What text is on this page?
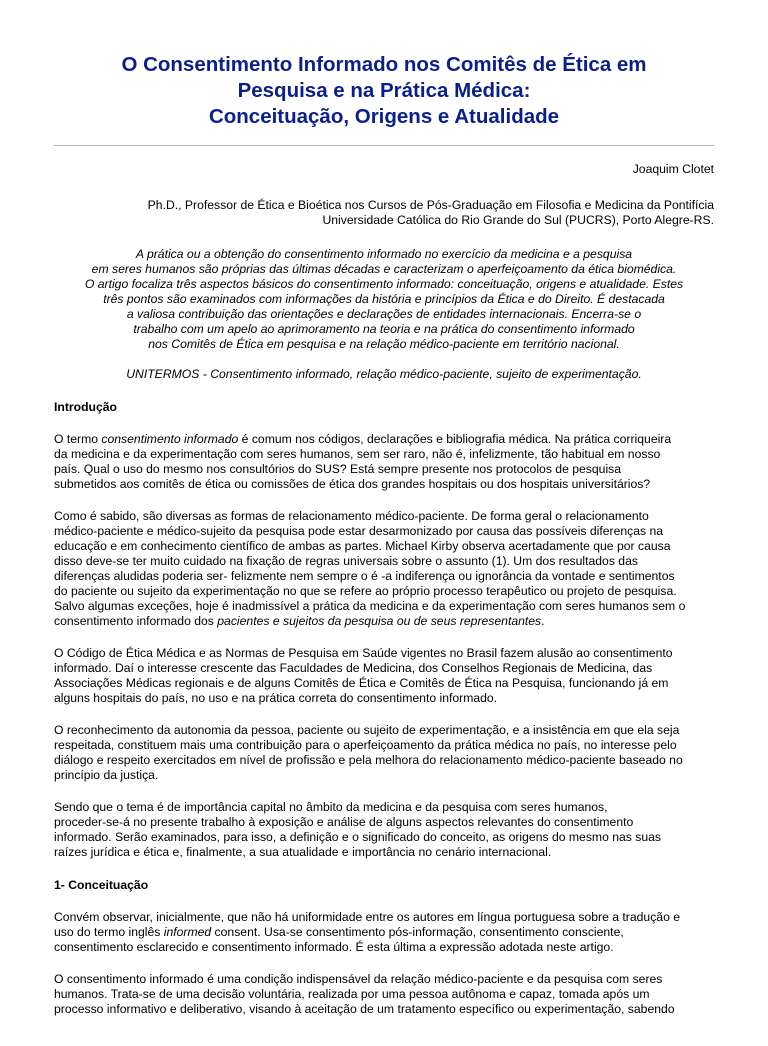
O Consentimento Informado nos Comitês de Ética em
Pesquisa e na Prática Médica:
Conceituação, Origens e Atualidade
Joaquim Clotet
Ph.D., Professor de Ética e Bioética nos Cursos de Pós-Graduação em Filosofia e Medicina da Pontifícia
Universidade Católica do Rio Grande do Sul (PUCRS), Porto Alegre-RS.
A prática ou a obtenção do consentimento informado no exercício da medicina e a pesquisa
em seres humanos são próprias das últimas décadas e caracterizam o aperfeiçoamento da ética biomédica.
O artigo focaliza três aspectos básicos do consentimento informado: conceituação, origens e atualidade. Estes
três pontos são examinados com informações da história e princípios da Ética e do Direito. É destacada
a valiosa contribuição das orientações e declarações de entidades internacionais. Encerra-se o
trabalho com um apelo ao aprimoramento na teoria e na prática do consentimento informado
nos Comitês de Ética em pesquisa e na relação médico-paciente em território nacional.
UNITERMOS - Consentimento informado, relação médico-paciente, sujeito de experimentação.
Introdução
O termo consentimento informado é comum nos códigos, declarações e bibliografia médica. Na prática corriqueira
da medicina e da experimentação com seres humanos, sem ser raro, não é, infelizmente, tão habitual em nosso
país. Qual o uso do mesmo nos consultórios do SUS? Está sempre presente nos protocolos de pesquisa
submetidos aos comitês de ética ou comissões de ética dos grandes hospitais ou dos hospitais universitários?
Como é sabido, são diversas as formas de relacionamento médico-paciente. De forma geral o relacionamento
médico-paciente e médico-sujeito da pesquisa pode estar desarmonizado por causa das possíveis diferenças na
educação e em conhecimento científico de ambas as partes. Michael Kirby observa acertadamente que por causa
disso deve-se ter muito cuidado na fixação de regras universais sobre o assunto (1). Um dos resultados das
diferenças aludidas poderia ser- felizmente nem sempre o é -a indiferença ou ignorância da vontade e sentimentos
do paciente ou sujeito da experimentação no que se refere ao próprio processo terapêutico ou projeto de pesquisa.
Salvo algumas exceções, hoje é inadmissível a prática da medicina e da experimentação com seres humanos sem o
consentimento informado dos pacientes e sujeitos da pesquisa ou de seus representantes.
O Código de Ética Médica e as Normas de Pesquisa em Saúde vigentes no Brasil fazem alusão ao consentimento
informado. Daí o interesse crescente das Faculdades de Medicina, dos Conselhos Regionais de Medicina, das
Associações Médicas regionais e de alguns Comitês de Ética e Comitês de Ética na Pesquisa, funcionando já em
alguns hospitais do país, no uso e na prática correta do consentimento informado.
O reconhecimento da autonomia da pessoa, paciente ou sujeito de experimentação, e a insistência em que ela seja
respeitada, constituem mais uma contribuição para o aperfeiçoamento da prática médica no país, no interesse pelo
diálogo e respeito exercitados em nível de profissão e pela melhora do relacionamento médico-paciente baseado no
princípio da justiça.
Sendo que o tema é de importância capital no âmbito da medicina e da pesquisa com seres humanos,
proceder-se-á no presente trabalho à exposição e análise de alguns aspectos relevantes do consentimento
informado. Serão examinados, para isso, a definição e o significado do conceito, as origens do mesmo nas suas
raízes jurídica e ética e, finalmente, a sua atualidade e importância no cenário internacional.
1- Conceituação
Convém observar, inicialmente, que não há uniformidade entre os autores em língua portuguesa sobre a tradução e
uso do termo inglês informed consent. Usa-se consentimento pós-informação, consentimento consciente,
consentimento esclarecido e consentimento informado. É esta última a expressão adotada neste artigo.
O consentimento informado é uma condição indispensável da relação médico-paciente e da pesquisa com seres
humanos. Trata-se de uma decisão voluntária, realizada por uma pessoa autônoma e capaz, tomada após um
processo informativo e deliberativo, visando à aceitação de um tratamento específico ou experimentação, sabendo
